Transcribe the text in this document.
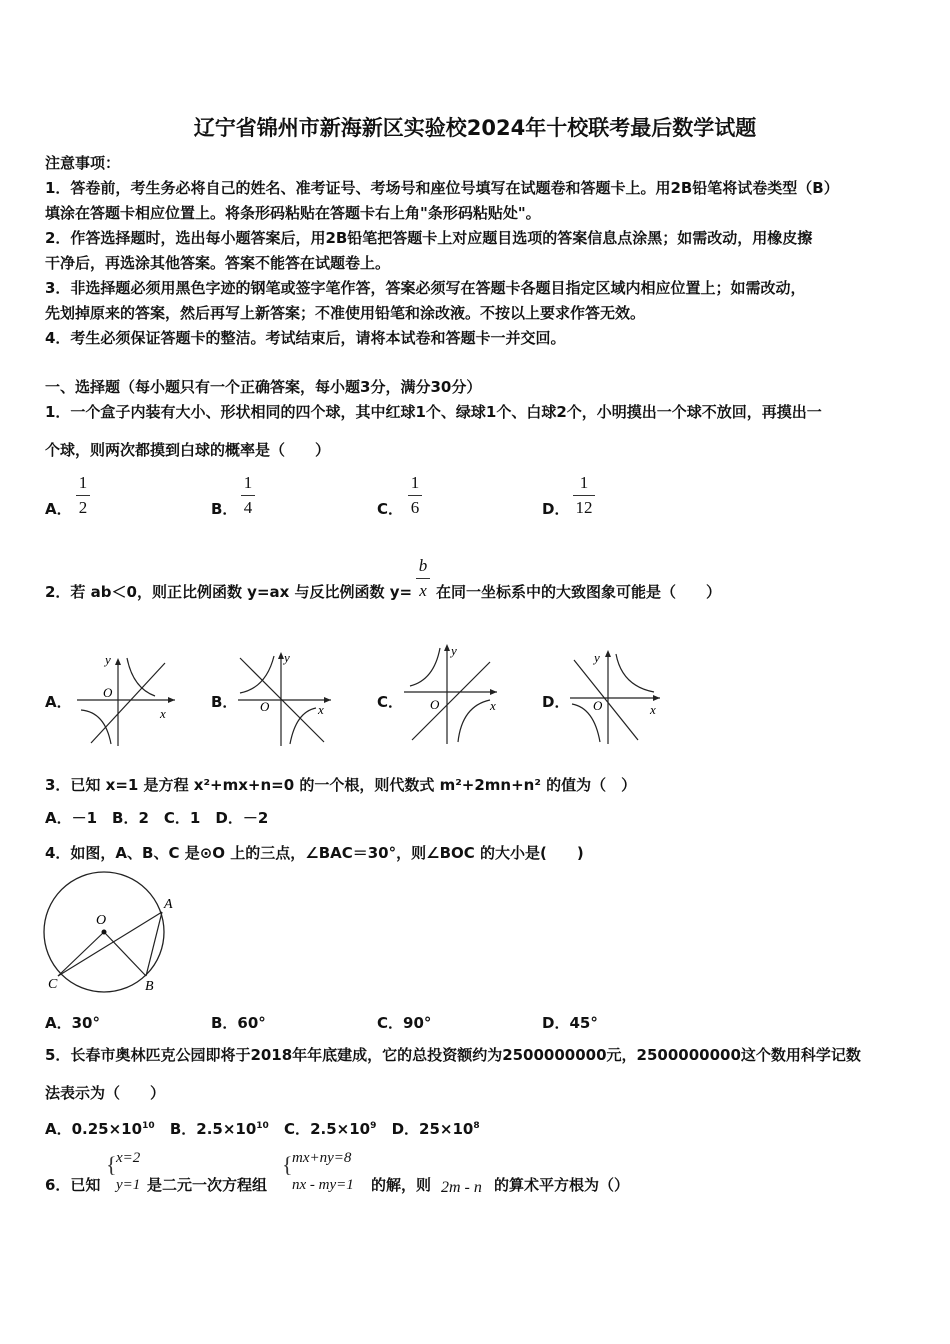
辽宁省锦州市新海新区实验校2024年十校联考最后数学试题
注意事项：
1．答卷前，考生务必将自己的姓名、准考证号、考场号和座位号填写在试题卷和答题卡上。用2B铅笔将试卷类型（B）
填涂在答题卡相应位置上。将条形码粘贴在答题卡右上角"条形码粘贴处"。
2．作答选择题时，选出每小题答案后，用2B铅笔把答题卡上对应题目选项的答案信息点涂黑；如需改动，用橡皮擦
干净后，再选涂其他答案。答案不能答在试题卷上。
3．非选择题必须用黑色字迹的钢笔或签字笔作答，答案必须写在答题卡各题目指定区域内相应位置上；如需改动，
先划掉原来的答案，然后再写上新答案；不准使用铅笔和涂改液。不按以上要求作答无效。
4．考生必须保证答题卡的整洁。考试结束后，请将本试卷和答题卡一并交回。
一、选择题（每小题只有一个正确答案，每小题3分，满分30分）
1．一个盒子内装有大小、形状相同的四个球，其中红球1个、绿球1个、白球2个，小明摸出一个球不放回，再摸出一
个球，则两次都摸到白球的概率是（　　）
A．
1
2	B．
1
4	C．
1
6	D．
1
12
2．若 ab＜0，则正比例函数 y=ax 与反比例函数 y=
b
x 在同一坐标系中的大致图象可能是（　　）
A．	B．	C．	D．
y
x
O
y
x
O
y
x
O
y
x
O
3．已知 x=1 是方程 x²+mx+n=0 的一个根，则代数式 m²+2mn+n² 的值为（　）
A．－1　B．2　C．1　D．－2
4．如图，A、B、C 是⊙O 上的三点，∠BAC＝30°，则∠BOC 的大小是(　　)
O
A
B
C
A．30°	B．60°	C．90°	D．45°
5．长春市奥林匹克公园即将于2018年年底建成，它的总投资额约为2500000000元，2500000000这个数用科学记数
法表示为（　　）
A．$0.25\times 10^{10}$ B．$2.5\times 10^{10}$ C．$2.5\times 10^9$ D．$25\times 10^8$
6．已知
{ x=2
y=1 是二元一次方程组
{ mx+ny=8
nx - my=1 的解，则 2m - n 的算术平方根为（）
